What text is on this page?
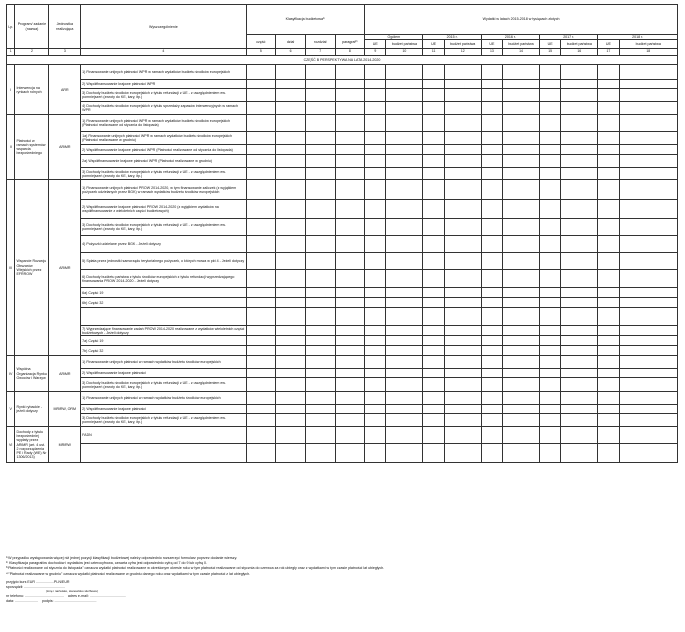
Lp.	Program/ zadanie (nazwa)	Jednostka realizująca	Wyszczególnienie	Klasyfikacja budżetowa¹⁾				Wydatki w latach 2015-2018 w tysiącach złotych									
				część	dział	rozdział	paragraf²⁾	Ogółem		2015 r.		2016 r.		2017 r.		2018 r.	
								UE	budżet państwa	UE	budżet państwa	UE	budżet państwa	UE	budżet państwa	UE	budżet państwa
1	2	3	4	5	6	7	8	9	10	11	12	13	14	15	16	17	18
CZĘŚĆ B PERSPEKTYWA NA LATA 2014-2020																	
I	Interwencja na rynkach rolnych	ARR	1) Finansowanie unijnych płatności WPR w ramach wydatków budżetu środków europejskich														
			2) Współfinansowanie krajowe płatności WPR														
			3) Dochody budżetu środków europejskich z tytułu refundacji z UE - z uwzględnieniem ew. pomniejszeń (zwroty do KE, kary, itp.)														
			4) Dochody budżetu środków europejskich z tytułu sprzedaży zapasów interwencyjnych w ramach WPR														
II	Płatności w ramach systemów wsparcia bezpośredniego	ARiMR	1) Finansowanie unijnych płatności WPR w ramach wydatków budżetu środków europejskich (Płatności realizowane od stycznia do listopada)														
			1a) Finansowanie unijnych płatności WPR w ramach wydatków budżetu środków europejskich (Płatności realizowane w grudniu)														
			2) Współfinansowanie krajowe płatności WPR (Płatności realizowane od stycznia do listopada)														
			2a) Współfinansowanie krajowe płatności WPR (Płatności realizowane w grudniu)														
			3) Dochody budżetu środków europejskich z tytułu refundacji z UE - z uwzględnieniem ew. pomniejszeń (zwroty do KE, kary, itp.)														
III	Wsparcie Rozwoju Obszarów Wiejskich przez EFRROW	ARiMR	1) Finansowanie unijnych płatności PROW 2014-2020, w tym finansowanie zaliczek (z wyjątkiem pożyczek udzielanych przez BGK) w ramach wydatków budżetu środków europejskich														
			2) Współfinansowanie krajowe płatności PROW 2014-2020 (z wyjątkiem wydatków na współfinansowanie z wieloletnich części budżetowych)														
			3) Dochody budżetu środków europejskich z tytułu refundacji z UE - z uwzględnieniem ew. pomniejszeń (zwroty do KE, kary, itp.)														
			4) Pożyczki udzielane przez BGK - Jeżeli dotyczy														
			5) Spłata przez jednostki samorządu terytorialnego pożyczek, o których mowa w pkt 4 - Jeżeli dotyczy														
			6) Dochody budżetu państwa z tytułu środków europejskich z tytułu refundacji wyprzedzającego finansowania PROW 2014-2020 - Jeżeli dotyczy														
			6a) Część 19														
			6b) Część 32														

			7) Wyprzedzające finansowanie zadań PROW 2014-2020 realizowane z wydatków wieloletnich części budżetowych - Jeżeli dotyczy														
			7a) Część 19														
			7b) Część 32														
IV	Wspólna Organizacja Rynku Owoców i Warzyw	ARiMR	1) Finansowanie unijnych płatności w ramach wydatków budżetu środków europejskich														
			2) Współfinansowanie krajowe płatności														
			3) Dochody budżetu środków europejskich z tytułu refundacji z UE - z uwzględnieniem ew. pomniejszeń (zwroty do KE, kary, itp.)														
V	Rynki rybackie - jeżeli dotyczy	MRiRW, ORM	1) Finansowanie unijnych płatności w ramach wydatków budżetu środków europejskich														
			2) Współfinansowanie krajowe płatności														
			3) Dochody budżetu środków europejskich z tytułu refundacji z UE - z uwzględnieniem ew. pomniejszeń (zwroty do KE, kary, itp.)														
VI	Dochody z tytułu bezpośredniej wypłaty przez ARiMR (art. 4 ust. 2 rozporządzenia PE i Rady (WE) Nr 1306/2013)	MRiRW	FADN														

¹⁾W przypadku występowania więcej niż jednej pozycji klasyfikacji budżetowej należy odpowiednio rozszerzyć formularz poprzez dodanie wierszy.
²⁾ Klasyfikacja paragrafów dochodów i wydatków jest czterocyfrowa, czwarta cyfra jest odpowiednio cyfrą od 7 do 9 lub cyfrą 0.
³⁾Płatności realizowane od stycznia do listopada" oznacza wydatki płatności realizowane w określonym okresie roku w tym płatności realizowane od stycznia do czerwca za rok ubiegły oraz z wydatkami w tym czasie płatności lat ubiegłych.
⁴⁾"Płatności realizowane w grudniu" oznacza wydatki płatności realizowane w grudniu danego roku oraz wydatkami w tym czasie płatności z lat ubiegłych.
przyjęto kurs EUR ..................PLN/EUR
sporządził: .........................................
(imię i nazwisko, stanowisko służbowe)
nr telefonu: ....................................... adres e-mail: ....................................
data: ....................... podpis: ..........................................
